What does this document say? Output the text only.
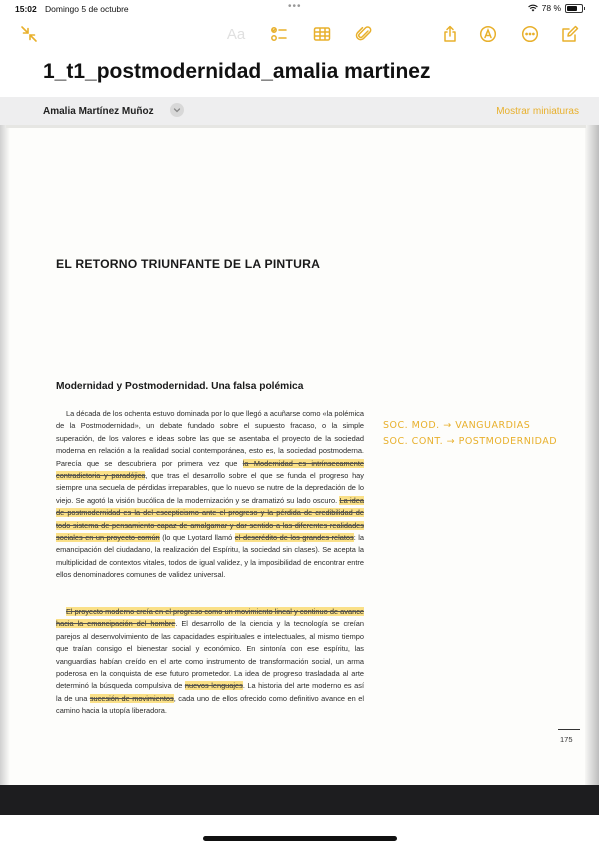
15:02 Domingo 5 de octubre	•••	78 %
Aa
1_t1_postmodernidad_amalia martinez
Amalia Martínez Muñoz	Mostrar miniaturas
EL RETORNO TRIUNFANTE DE LA PINTURA
Modernidad y Postmodernidad. Una falsa polémica
La década de los ochenta estuvo dominada por lo que llegó a acuñarse como «la polémica de la Postmodernidad», un debate fundado sobre el supuesto fracaso, o la simple superación, de los valores e ideas sobre las que se asentaba el proyecto de la sociedad moderna en relación a la realidad social contemporánea, esto es, la sociedad postmoderna. Parecía que se descubriera por primera vez que la Modernidad es intrínsecamente contradictoria y paradójica, que tras el desarrollo sobre el que se funda el progreso hay siempre una secuela de pérdidas irreparables, que lo nuevo se nutre de la depredación de lo viejo. Se agotó la visión bucólica de la modernización y se dramatizó su lado oscuro. La idea de postmodernidad es la del escepticismo ante el progreso y la pérdida de credibilidad de todo sistema de pensamiento capaz de amalgamar y dar sentido a las diferentes realidades sociales en un proyecto común (lo que Lyotard llamó el descrédito de los grandes relatos: la emancipación del ciudadano, la realización del Espíritu, la sociedad sin clases). Se acepta la multiplicidad de contextos vitales, todos de igual validez, y la imposibilidad de encontrar entre ellos denominadores comunes de validez universal.
El proyecto moderno creía en el progreso como un movimiento lineal y continuo de avance hacia la emancipación del hombre. El desarrollo de la ciencia y la tecnología se creían parejos al desenvolvimiento de las capacidades espirituales e intelectuales, al mismo tiempo que traían consigo el bienestar social y económico. En sintonía con ese espíritu, las vanguardias habían creído en el arte como instrumento de transformación social, un arma poderosa en la conquista de ese futuro prometedor. La idea de progreso trasladada al arte determinó la búsqueda compulsiva de nuevos lenguajes. La historia del arte moderno es así la de una sucesión de movimientos, cada uno de ellos ofrecido como definitivo avance en el camino hacia la utopía liberadora.
SOC. MOD. → VANGUARDIAS
SOC. CONT. → POSTMODERNIDAD
175
